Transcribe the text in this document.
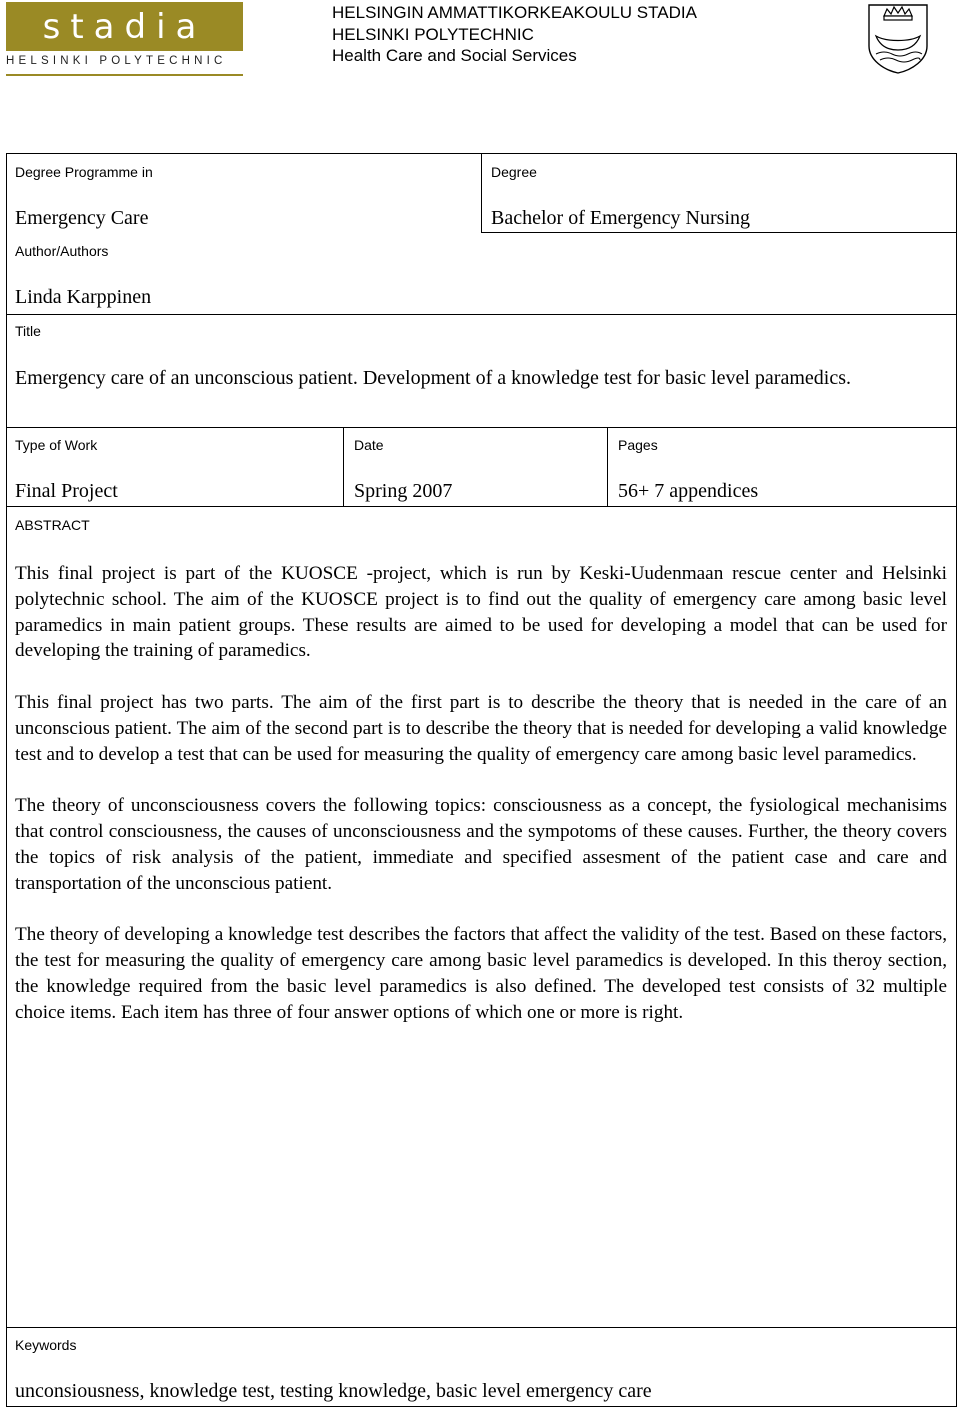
stadia
HELSINKI POLYTECHNIC
HELSINGIN AMMATTIKORKEAKOULU STADIA
HELSINKI POLYTECHNIC
Health Care and Social Services
Degree Programme in
Emergency Care
Degree
Bachelor of Emergency Nursing
Author/Authors
Linda Karppinen
Title
Emergency care of an unconscious patient. Development of a knowledge test for basic level paramedics.
Type of Work
Final Project
Date
Spring 2007
Pages
56+ 7 appendices
ABSTRACT

This final project is part of the KUOSCE -project, which is run by Keski-Uudenmaan rescue center and Helsinki polytechnic school. The aim of the KUOSCE project is to find out the quality of emergency care among basic level paramedics in main patient groups. These results are aimed to be used for developing a model that can be used for developing the training of paramedics.

This final project has two parts. The aim of the first part is to describe the theory that is needed in the care of an unconscious patient. The aim of the second part is to describe the theory that is needed for developing a valid knowledge test and to develop a test that can be used for measuring the quality of emergency care among basic level paramedics.

The theory of unconsciousness covers the following topics: consciousness as a concept, the fysiological mechanisims that control consciousness, the causes of unconsciousness and the sympotoms of these causes. Further, the theory covers the topics of risk analysis of the patient, immediate and specified assesment of the patient case and care and transportation of the unconscious patient.

The theory of developing a knowledge test describes the factors that affect the validity of the test. Based on these factors, the test for measuring the quality of emergency care among basic level paramedics is developed. In this theroy section, the knowledge required from the basic level paramedics is also defined. The developed test consists of 32 multiple choice items. Each item has three of four answer options of which one or more is right.

Keywords
unconsiousness, knowledge test, testing knowledge, basic level emergency care
